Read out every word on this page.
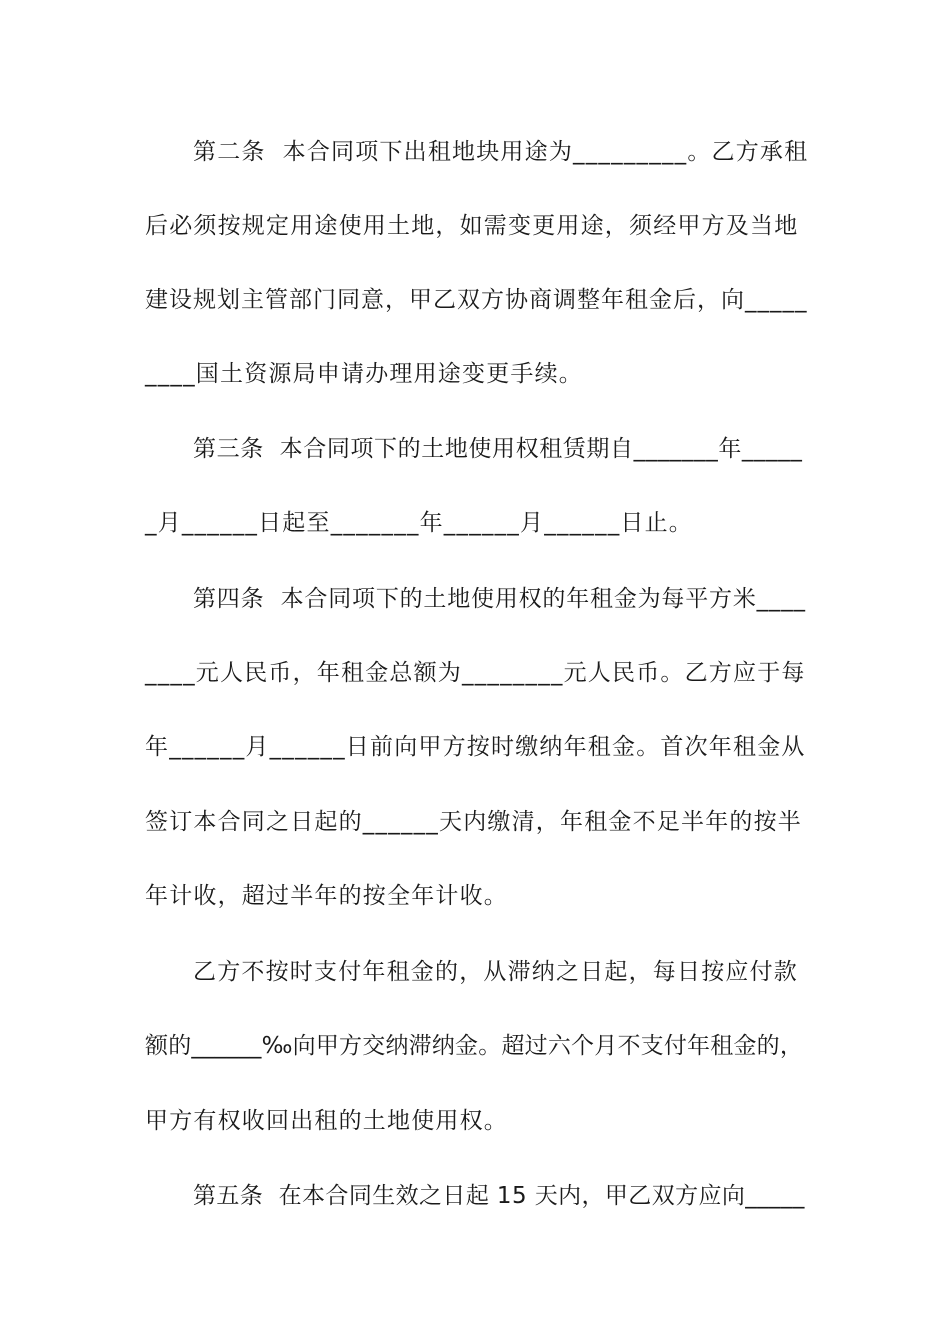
第二条  本合同项下出租地块用途为_________。乙方承租
后必须按规定用途使用土地，如需变更用途，须经甲方及当地
建设规划主管部门同意，甲乙双方协商调整年租金后，向_____
____国土资源局申请办理用途变更手续。
第三条  本合同项下的土地使用权租赁期自_______年_____
_月______日起至_______年______月______日止。
第四条  本合同项下的土地使用权的年租金为每平方米____
____元人民币，年租金总额为________元人民币。乙方应于每
年______月______日前向甲方按时缴纳年租金。首次年租金从
签订本合同之日起的______天内缴清，年租金不足半年的按半
年计收，超过半年的按全年计收。
乙方不按时支付年租金的，从滞纳之日起，每日按应付款
额的______‰向甲方交纳滞纳金。超过六个月不支付年租金的，
甲方有权收回出租的土地使用权。
第五条  在本合同生效之日起 15 天内，甲乙双方应向_____
